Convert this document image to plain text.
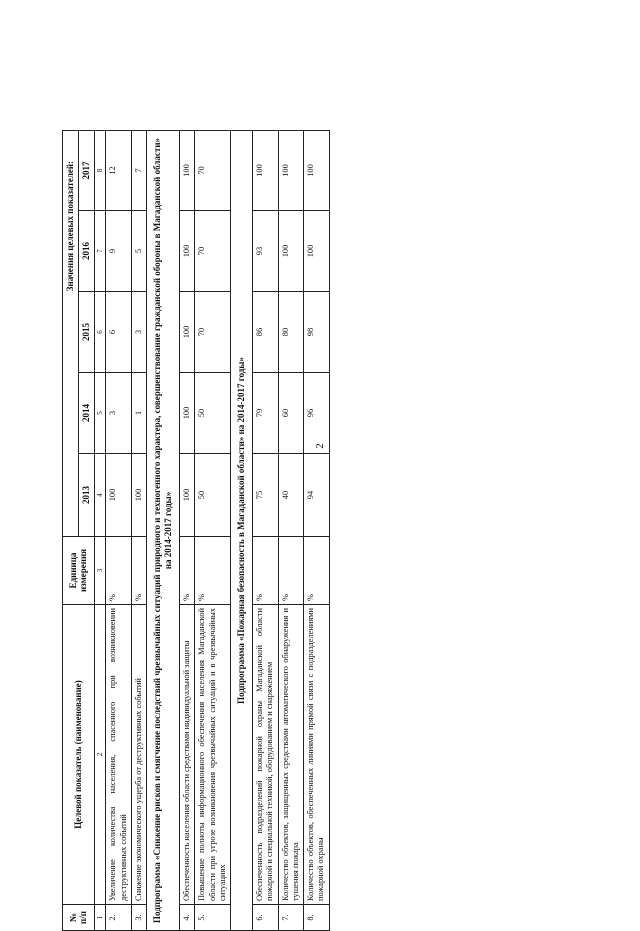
2
№
п/п	Целевой показатель (наименование)	Единица измерения	Значения целевых показателей:				
			2013	2014	2015	2016	2017
1	2	3	4	5	6	7	8
2.	Увеличение количества населения, спасенного при возникновении деструктивных событий	%	100	3	6	9	12
3.	Снижение экономического ущерба от деструктивных событий	%	100	1	3	5	7
Подпрограмма «Снижение рисков и смягчение последствий чрезвычайных ситуаций природного и техногенного характера, совершенствование гражданской обороны в Магаданской области» на 2014-2017 годы»							
4.	Обеспеченность населения области средствами индивидуальной защиты	%	100	100	100	100	100
5.	Повышение полноты информационного обеспечения населения Магаданской области при угрозе возникновения чрезвычайных ситуаций и в чрезвычайных ситуациях	%	50	50	70	70	70
Подпрограмма «Пожарная безопасность в Магаданской области» на 2014-2017 годы»							
6.	Обеспеченность подразделений пожарной охраны Магаданской области пожарной и специальной техникой, оборудованием и снаряжением	%	75	79	86	93	100
7.	Количество объектов, защищенных средствами автоматического обнаружения и тушения пожара	%	40	60	80	100	100
8.	Количество объектов, обеспеченных линиями прямой связи с подразделениями пожарной охраны	%	94	96	98	100	100
